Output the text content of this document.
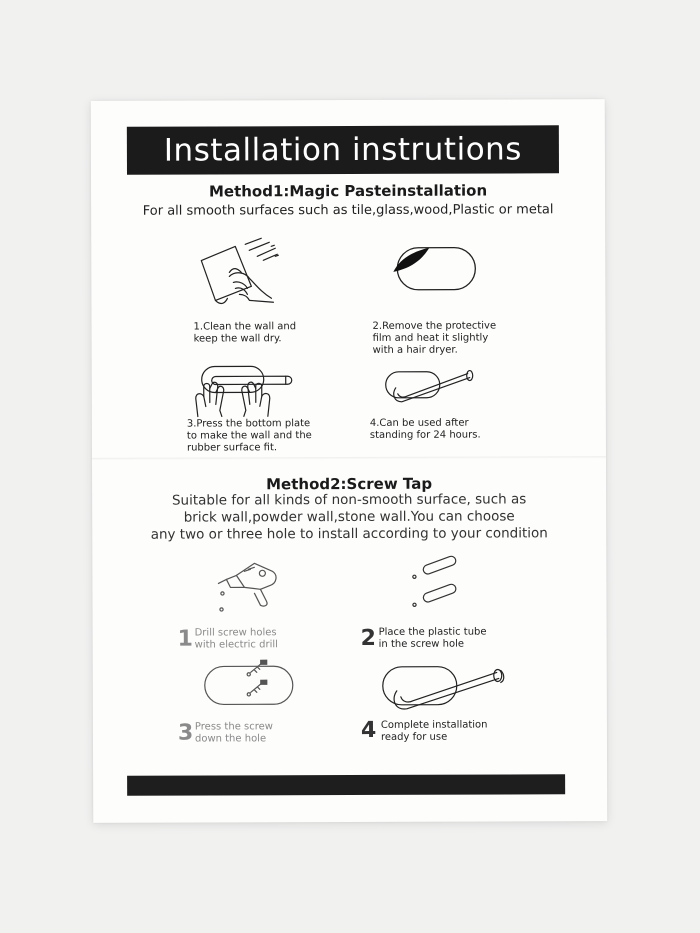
Installation instrutions
Method1:Magic Pasteinstallation
For all smooth surfaces such as tile,glass,wood,Plastic or metal
1.Clean the wall and
keep the wall dry.
2.Remove the protective
film and heat it slightly
with a hair dryer.
3.Press the bottom plate
to make the wall and the
rubber surface fit.
4.Can be used after
standing for 24 hours.
Method2:Screw Tap
Suitable for all kinds of non-smooth surface, such as
brick wall,powder wall,stone wall.You can choose
any two or three hole to install according to your condition
1 Drill screw holes
with electric drill	2 Place the plastic tube
in the screw hole
3 Press the screw
down the hole	4 Complete installation
ready for use
